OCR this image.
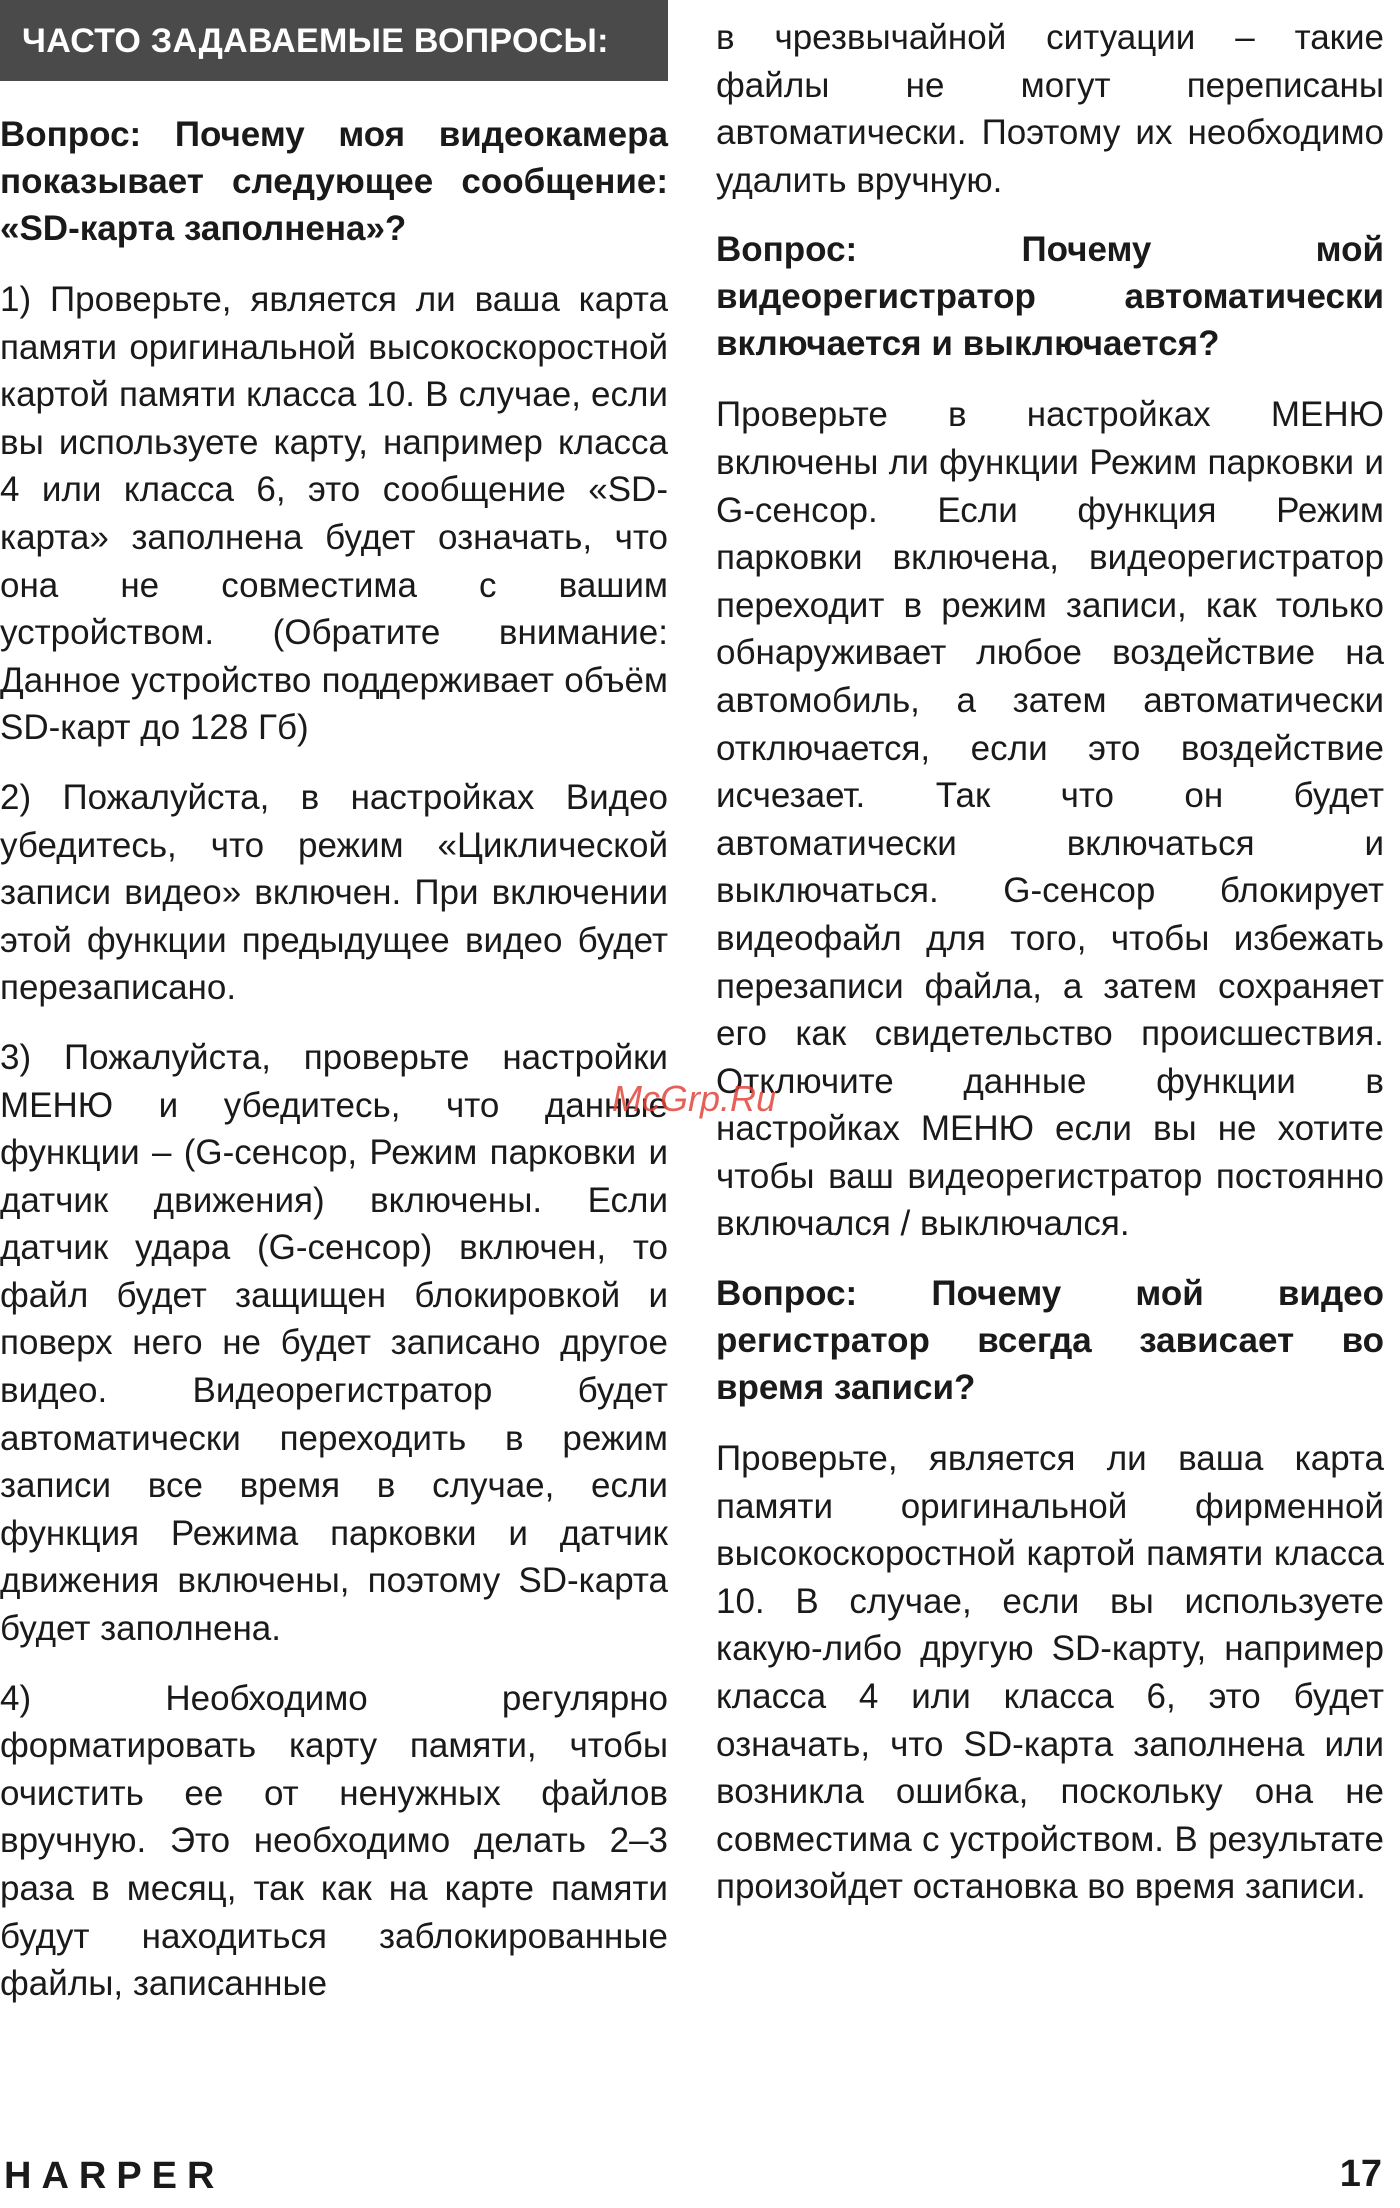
ЧАСТО ЗАДАВАЕМЫЕ ВОПРОСЫ:

Вопрос: Почему моя видеокамера показывает следующее сообщение: «SD-карта заполнена»?

1) Проверьте, является ли ваша карта памяти оригинальной высокоскоростной картой памяти класса 10. В случае, если вы используете карту, например класса 4 или класса 6, это сообщение «SD-карта» заполнена будет означать, что она не совместима с вашим устройством. (Обратите внимание: Данное устройство поддерживает объём SD-карт до 128 Гб)

2) Пожалуйста, в настройках Видео убедитесь, что режим «Циклической записи видео» включен. При включении этой функции предыдущее видео будет перезаписано.

3) Пожалуйста, проверьте настройки МЕНЮ и убедитесь, что данные функции – (G-сенсор, Режим парковки и датчик движения) включены. Если датчик удара (G-сенсор) включен, то файл будет защищен блокировкой и поверх него не будет записано другое видео. Видеорегистратор будет автоматически переходить в режим записи все время в случае, если функция Режима парковки и датчик движения включены, поэтому SD-карта будет заполнена.

4) Необходимо регулярно форматировать карту памяти, чтобы очистить ее от ненужных файлов вручную. Это необходимо делать 2–3 раза в месяц, так как на карте памяти будут находиться заблокированные файлы, записанные

в чрезвычайной ситуации – такие файлы не могут переписаны автоматически. Поэтому их необходимо удалить вручную.

Вопрос: Почему мой видеорегистратор автоматически включается и выключается?

Проверьте в настройках МЕНЮ включены ли функции Режим парковки и G-сенсор. Если функция Режим парковки включена, видеорегистратор переходит в режим записи, как только обнаруживает любое воздействие на автомобиль, а затем автоматически отключается, если это воздействие исчезает. Так что он будет автоматически включаться и выключаться. G-сенсор блокирует видеофайл для того, чтобы избежать перезаписи файла, а затем сохраняет его как свидетельство происшествия. Отключите данные функции в настройках МЕНЮ если вы не хотите чтобы ваш видеорегистратор постоянно включался / выключался.

Вопрос: Почему мой видео регистратор всегда зависает во время записи?

Проверьте, является ли ваша карта памяти оригинальной фирменной высокоскоростной картой памяти класса 10. В случае, если вы используете какую-либо другую SD-карту, например класса 4 или класса 6, это будет означать, что SD-карта заполнена или возникла ошибка, поскольку она не совместима с устройством. В результате произойдет остановка во время записи.

McGrp.Ru
HARPER	17
